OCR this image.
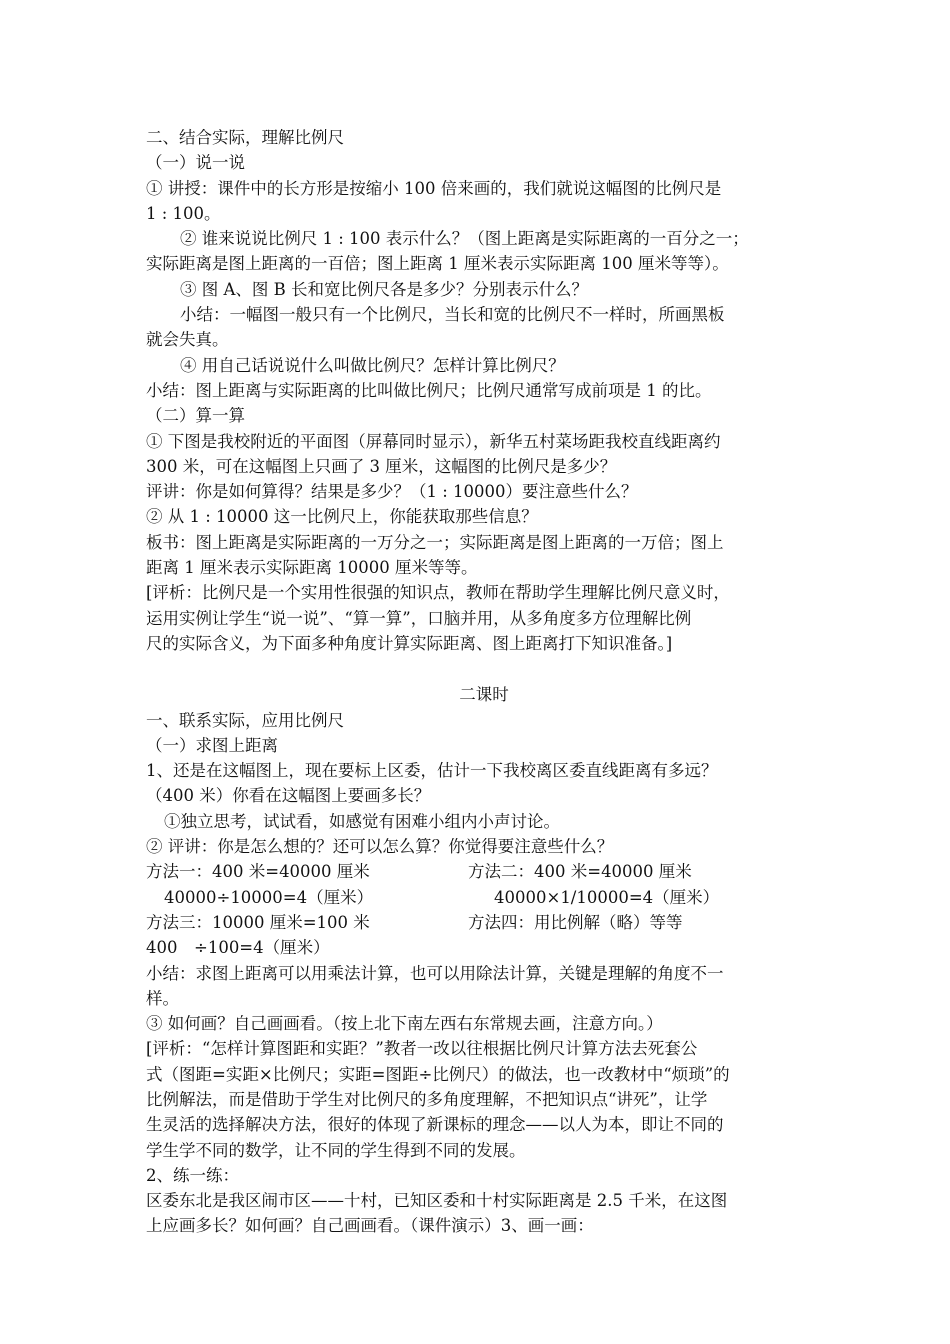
二、结合实际，理解比例尺
（一）说一说
① 讲授：课件中的长方形是按缩小 100 倍来画的，我们就说这幅图的比例尺是
1 : 100。
② 谁来说说比例尺 1 : 100 表示什么？（图上距离是实际距离的一百分之一；
实际距离是图上距离的一百倍；图上距离 1 厘米表示实际距离 100 厘米等等）。
③ 图 A、图 B 长和宽比例尺各是多少？分别表示什么？
小结：一幅图一般只有一个比例尺，当长和宽的比例尺不一样时，所画黑板
就会失真。
④ 用自己话说说什么叫做比例尺？怎样计算比例尺？
小结：图上距离与实际距离的比叫做比例尺；比例尺通常写成前项是 1 的比。
（二）算一算
① 下图是我校附近的平面图（屏幕同时显示），新华五村菜场距我校直线距离约
300 米，可在这幅图上只画了 3 厘米，这幅图的比例尺是多少？
评讲：你是如何算得？结果是多少？（1 : 10000）要注意些什么？
② 从 1 : 10000 这一比例尺上，你能获取那些信息？
板书：图上距离是实际距离的一万分之一；实际距离是图上距离的一万倍；图上
距离 1 厘米表示实际距离 10000 厘米等等。
[评析：比例尺是一个实用性很强的知识点，教师在帮助学生理解比例尺意义时，
运用实例让学生“说一说”、“算一算”，口脑并用，从多角度多方位理解比例
尺的实际含义，为下面多种角度计算实际距离、图上距离打下知识准备。]
二课时
一、联系实际，应用比例尺
（一）求图上距离
1、还是在这幅图上，现在要标上区委，估计一下我校离区委直线距离有多远？
（400 米）你看在这幅图上要画多长？
①独立思考，试试看，如感觉有困难小组内小声讨论。
② 评讲：你是怎么想的？还可以怎么算？你觉得要注意些什么？
方法一：400 米=40000 厘米	方法二：400 米=40000 厘米
40000÷10000=4（厘米）	40000×1/10000=4（厘米）
方法三：10000 厘米=100 米	方法四：用比例解（略）等等
400　÷100=4（厘米）
小结：求图上距离可以用乘法计算，也可以用除法计算，关键是理解的角度不一
样。
③ 如何画？自己画画看。（按上北下南左西右东常规去画，注意方向。）
[评析：“怎样计算图距和实距？”教者一改以往根据比例尺计算方法去死套公
式（图距=实距×比例尺；实距=图距÷比例尺）的做法，也一改教材中“烦琐”的
比例解法，而是借助于学生对比例尺的多角度理解，不把知识点“讲死”，让学
生灵活的选择解决方法，很好的体现了新课标的理念——以人为本，即让不同的
学生学不同的数学，让不同的学生得到不同的发展。
2、练一练：
区委东北是我区闹市区——十村，已知区委和十村实际距离是 2.5 千米，在这图
上应画多长？如何画？自己画画看。（课件演示）3、画一画：
